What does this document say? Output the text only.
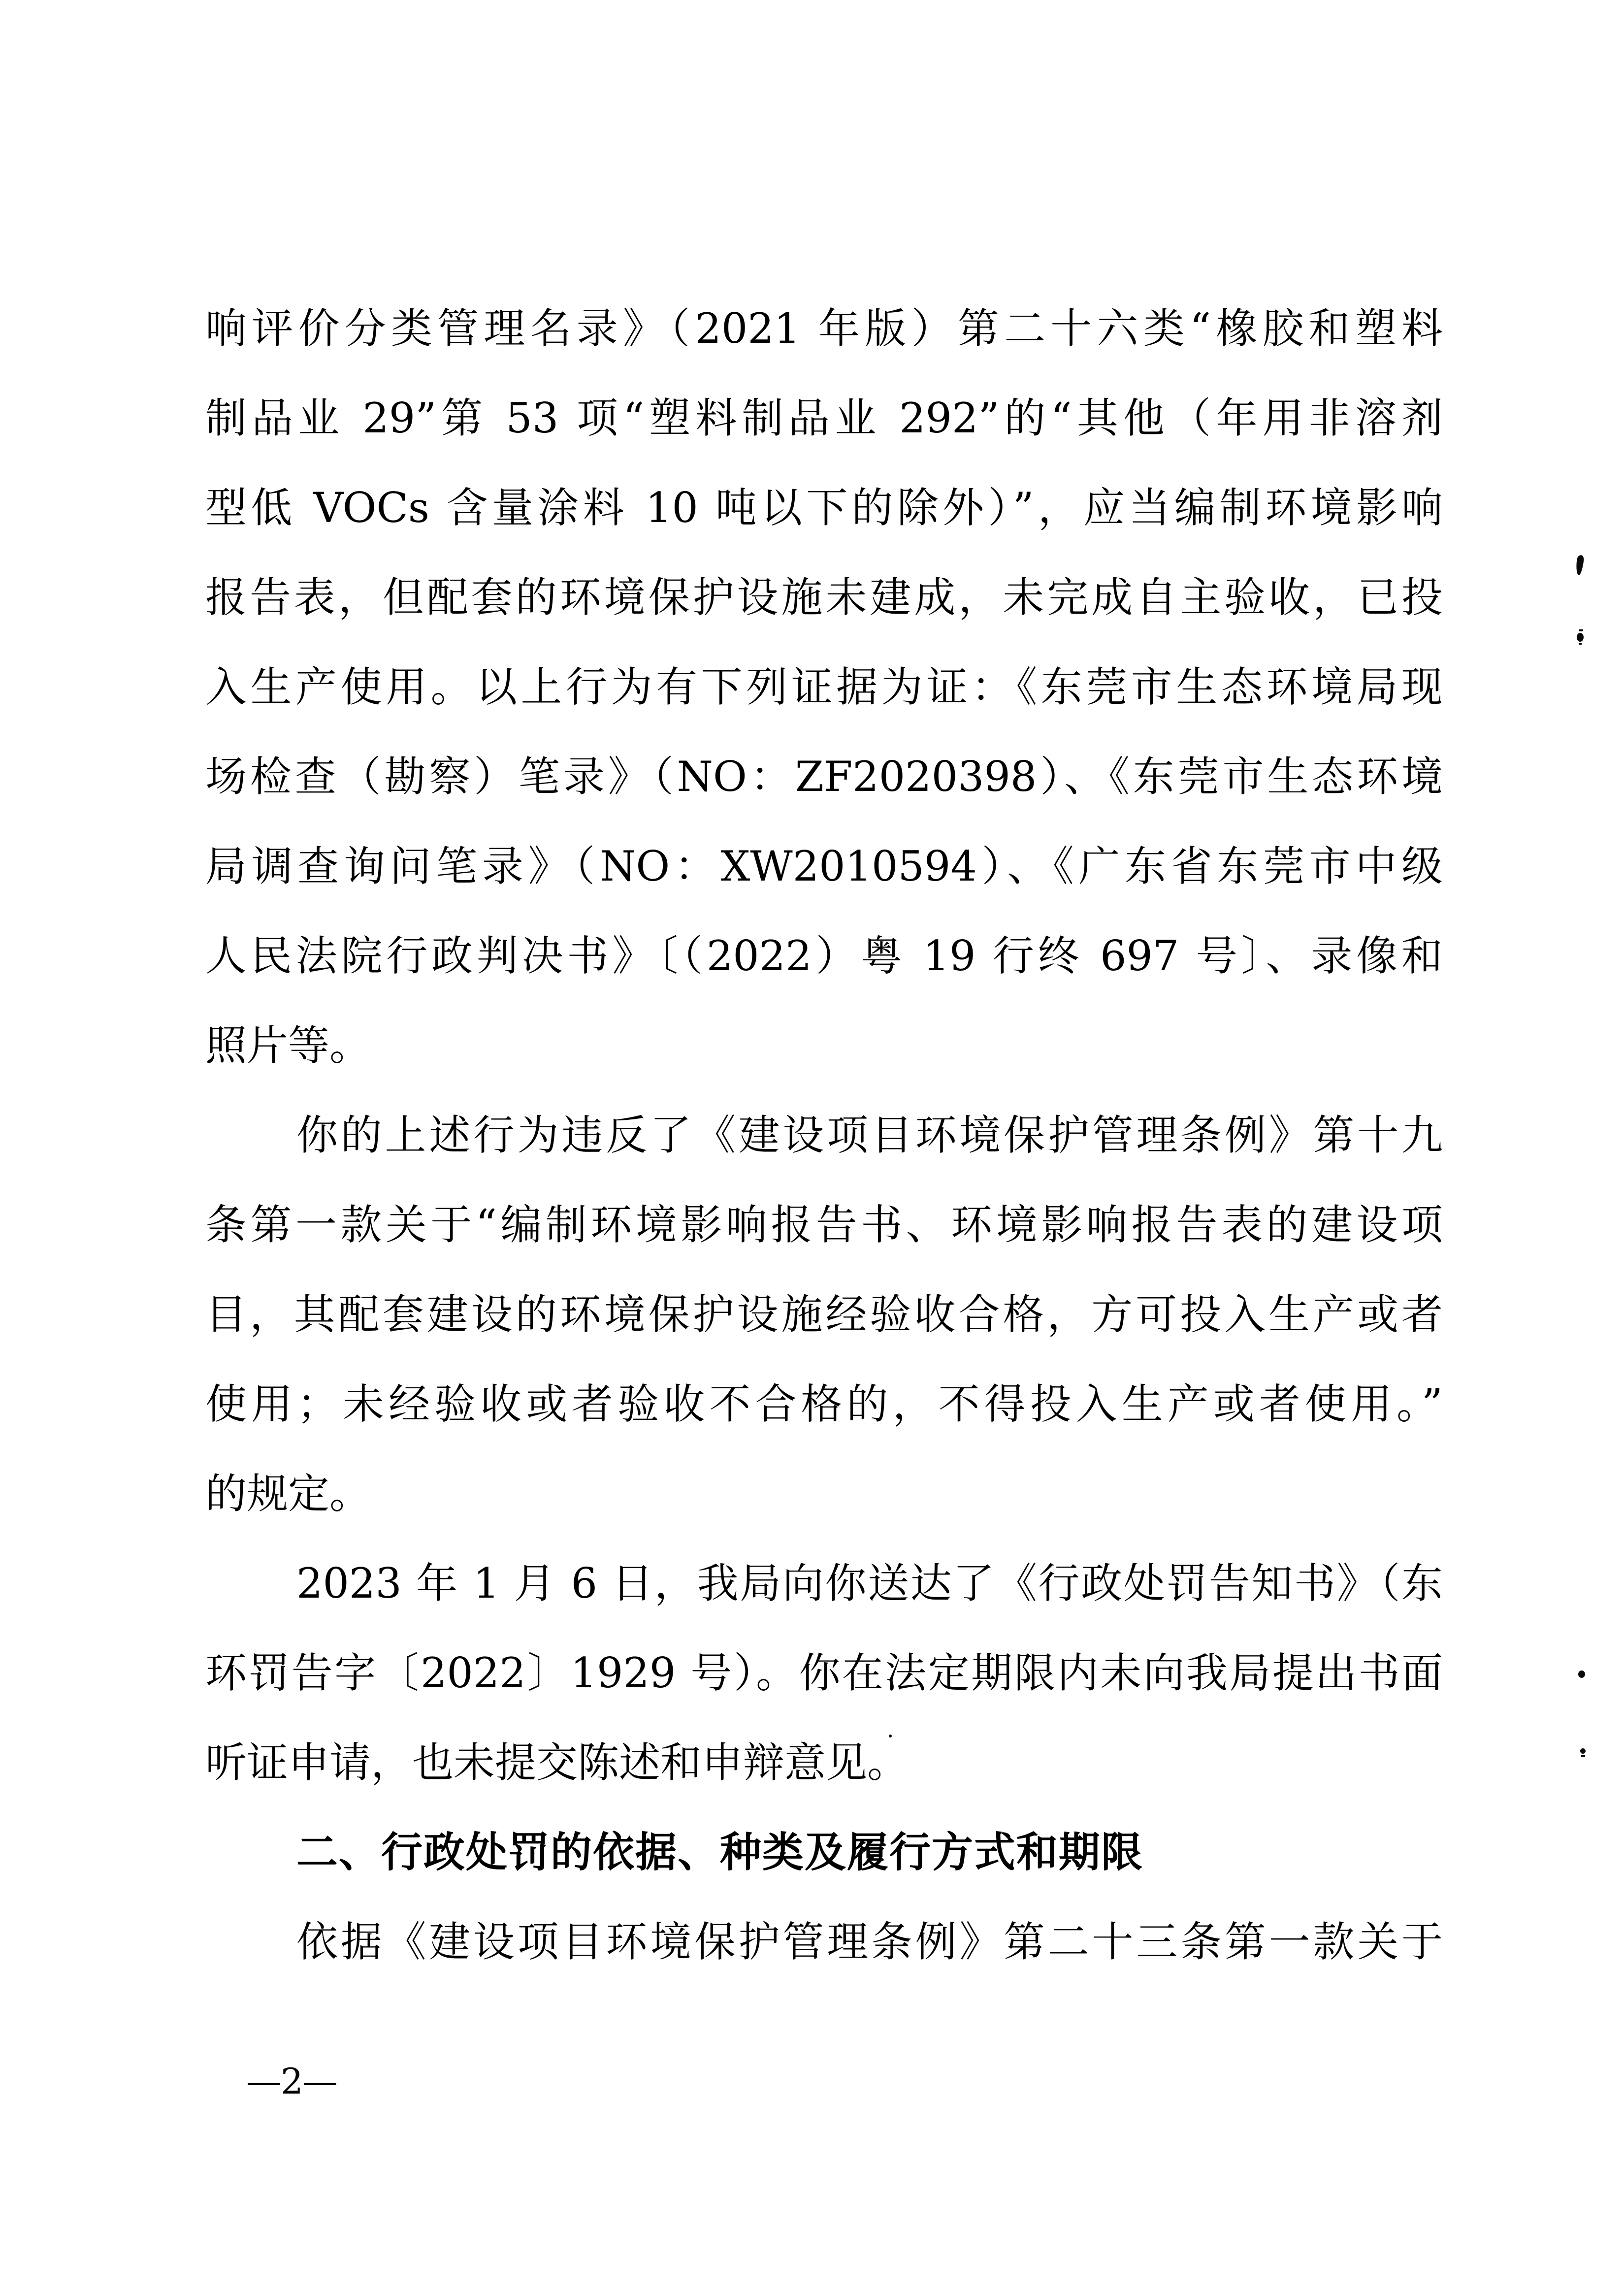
响评价分类管理名录》（2021 年版）第二十六类“橡胶和塑料
制品业 29”第 53 项“塑料制品业 292”的“其他（年用非溶剂
型低 VOCs 含量涂料 10 吨以下的除外）”，应当编制环境影响
报告表，但配套的环境保护设施未建成，未完成自主验收，已投
入生产使用。以上行为有下列证据为证：《东莞市生态环境局现
场检查（勘察）笔录》（NO：ZF2020398）、《东莞市生态环境
局调查询问笔录》（NO：XW2010594）、《广东省东莞市中级
人民法院行政判决书》〔（2022）粤 19 行终 697 号〕、录像和
照片等。
你的上述行为违反了《建设项目环境保护管理条例》第十九
条第一款关于“编制环境影响报告书、环境影响报告表的建设项
目，其配套建设的环境保护设施经验收合格，方可投入生产或者
使用；未经验收或者验收不合格的，不得投入生产或者使用。”
的规定。
2023 年 1 月 6 日，我局向你送达了《行政处罚告知书》（东
环罚告字〔2022〕1929 号）。你在法定期限内未向我局提出书面
听证申请，也未提交陈述和申辩意见。
二、行政处罚的依据、种类及履行方式和期限
依据《建设项目环境保护管理条例》第二十三条第一款关于
—2—
